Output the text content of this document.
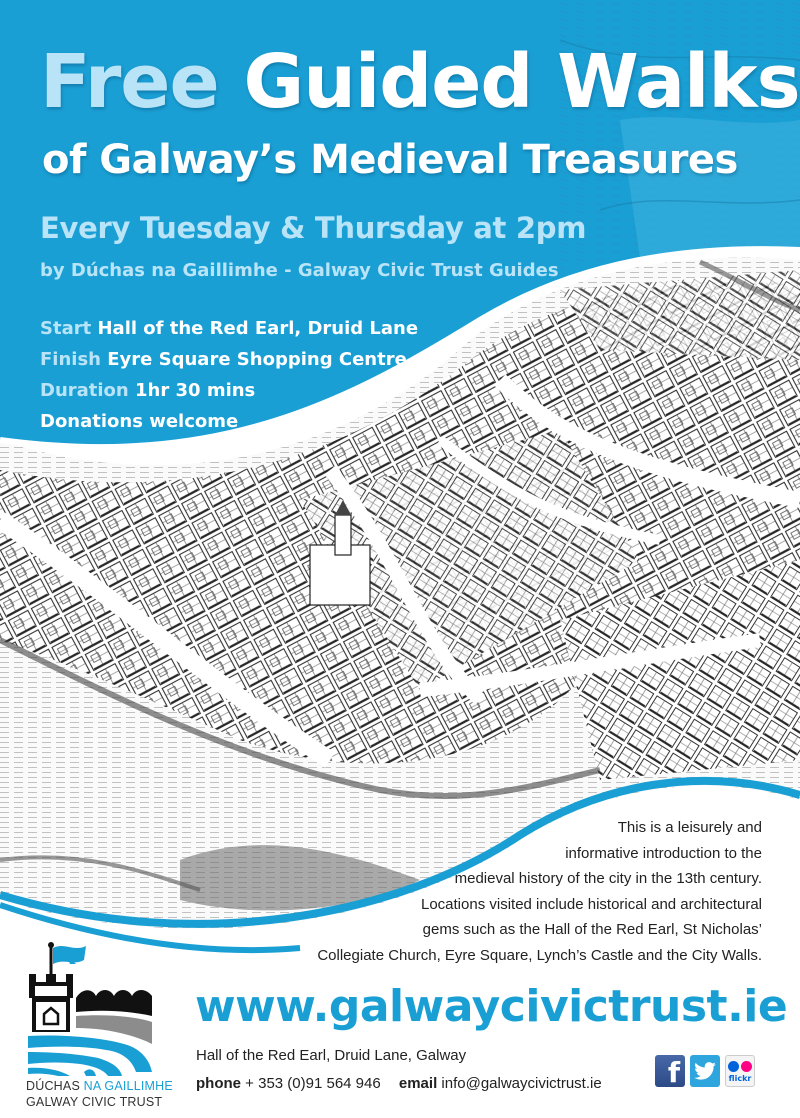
Free Guided Walks
of Galway’s Medieval Treasures
Every Tuesday & Thursday at 2pm
by Dúchas na Gaillimhe - Galway Civic Trust Guides
Start Hall of the Red Earl, Druid Lane
Finish Eyre Square Shopping Centre
Duration 1hr 30 mins
Donations welcome
This is a leisurely and
informative introduction to the
medieval history of the city in the 13th century.
Locations visited include historical and architectural
gems such as the Hall of the Red Earl, St Nicholas’
Collegiate Church, Eyre Square, Lynch’s Castle and the City Walls.
DÚCHAS NA GAILLIMHE
GALWAY CIVIC TRUST
www.galwaycivictrust.ie
Hall of the Red Earl, Druid Lane, Galway
phone + 353 (0)91 564 946 email info@galwaycivictrust.ie f	flickr
